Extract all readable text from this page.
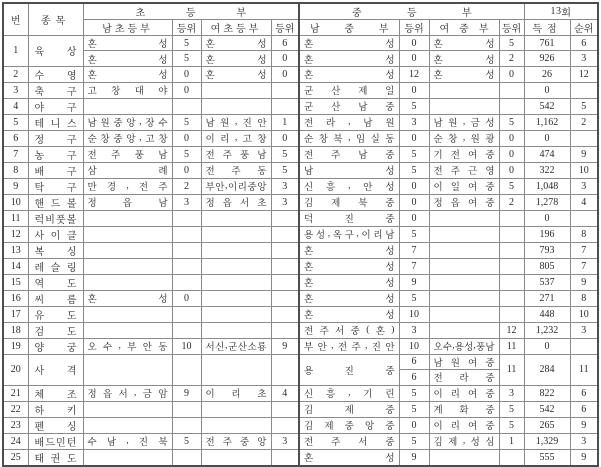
번	종목	초 등 부				중 등 부				1 3 회	

		남초등부	등위	여초등부	등위	남 중 부	등위	여 중 부	등위	득점	순위
1	육 상	혼 성	5	혼 성	6	혼 성	0	혼 성	5	761	6

		혼 성	5	혼 성	0	혼 성	0	혼 성	2	926	3
2	수 영	혼 성	0	혼 성	0	혼 성	12	혼 성	0	26	12
3	축 구	고 창 대 야	0			군 산 제 일	0			0	
4	야 구					군 산 남 중	5			542	5
5	테 니 스	남 원 중 앙 , 장 수	5	남 원 , 진 안	1	전 라 , 남 원	3	남 원 , 금 성	5	1,162	2
6	정 구	순 창 중 앙 , 고 창	0	이 리 , 고 창	0	순 창 북 , 임 실 동	0	순 창 , 원 광	0	0	
7	농 구	전 주 풍 남	5	전 주 풍 남	5	전 주 남 중	5	기 전 여 중	0	474	9
8	배 구	삼 례	0	전 주 동	5	남 성	5	전 주 근 영	0	322	10
9	탁 구	만 경 , 전 주	2	부 안 , 이 리 중 앙	3	신 흥 , 안 성	0	이 일 여 중	5	1,048	3
10	핸 드 볼	정 읍 남	3	정 읍 서 초	3	김 제 북 중	0	정 읍 여 중	2	1,278	4
11	럭 비 풋 볼					덕 진 중	0			0	
12	사 이 클					용 성 , 옥 구 , 이 리 남	5			196	8
13	복 싱					혼 성	7			793	7
14	레 슬 링					혼 성	7			805	7
15	역 도					혼 성	9			537	9
16	씨 름	혼 성	0			혼 성	5			271	8
17	유 도					혼 성	10			448	10
18	검 도					전 주 서 중 ( 혼 )	3		12	1,232	3
19	양 궁	오 수 , 부 안 동	10	서 신 , 군 산 소 룡	9	부 안 , 전 주 , 진 안	10	오 수 , 용 성 , 풍 남	11	0	
20	사 격					용 진 중	6	남 원 여 중	11	284	11
							6	전 라 중			

21	체 조	정 읍 서 , 금 암	9	이 리 초	4	신 흥 , 기 린	5	이 리 여 중	3	822	6
22	하 키					김 제 중	5	계 화 중	5	542	6
23	펜 싱					김 제 중 앙 중	0	이 리 여 중	5	265	9
24	배 드 민 턴	수 남 , 진 북	5	전 주 중 앙	3	전 주 서 중	5	김 제 , 성 심	1	1,329	3
25	태 권 도					혼 성	9			555	9
